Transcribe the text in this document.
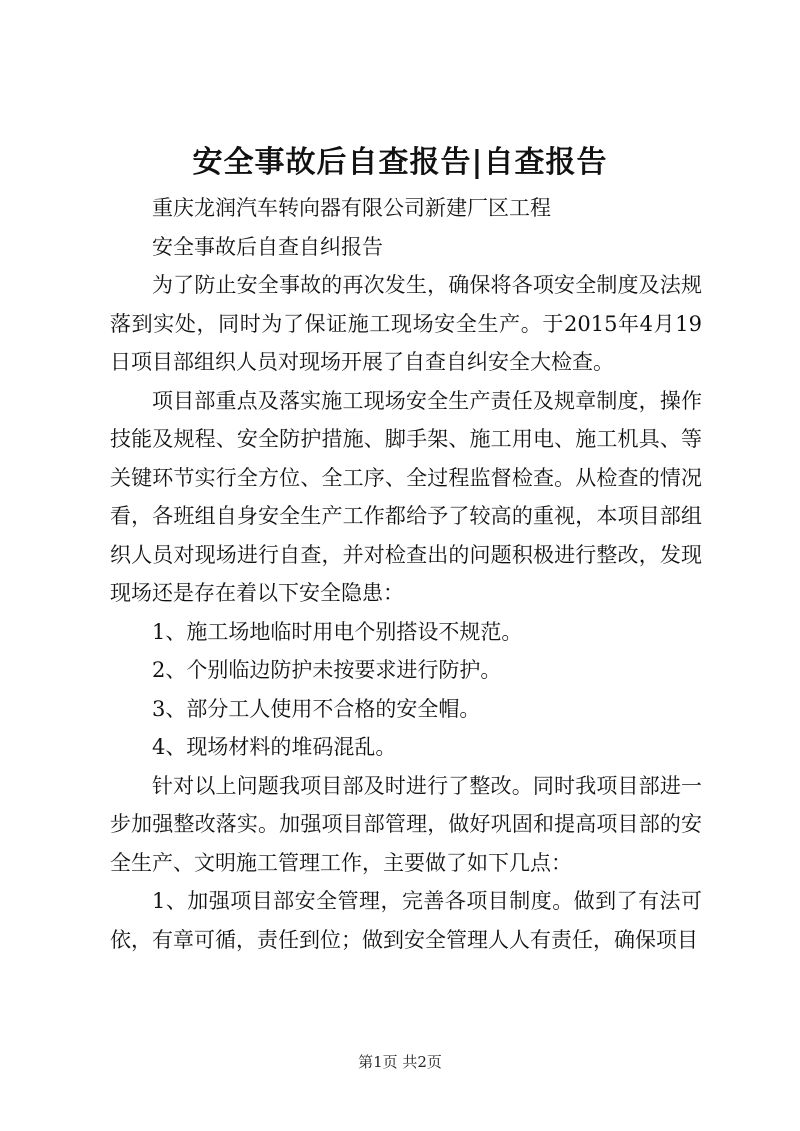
安全事故后自查报告|自查报告

重庆龙润汽车转向器有限公司新建厂区工程

安全事故后自查自纠报告

为了防止安全事故的再次发生，确保将各项安全制度及法规落到实处，同时为了保证施工现场安全生产。于2015年4月19日项目部组织人员对现场开展了自查自纠安全大检查。

项目部重点及落实施工现场安全生产责任及规章制度，操作技能及规程、安全防护措施、脚手架、施工用电、施工机具、等关键环节实行全方位、全工序、全过程监督检查。从检查的情况看，各班组自身安全生产工作都给予了较高的重视，本项目部组织人员对现场进行自查，并对检查出的问题积极进行整改，发现现场还是存在着以下安全隐患：

1、施工场地临时用电个别搭设不规范。

2、个别临边防护未按要求进行防护。

3、部分工人使用不合格的安全帽。

4、现场材料的堆码混乱。

针对以上问题我项目部及时进行了整改。同时我项目部进一步加强整改落实。加强项目部管理，做好巩固和提高项目部的安全生产、文明施工管理工作，主要做了如下几点：

1、加强项目部安全管理，完善各项目制度。做到了有法可依，有章可循，责任到位；做到安全管理人人有责任，确保项目

第1页 共2页
